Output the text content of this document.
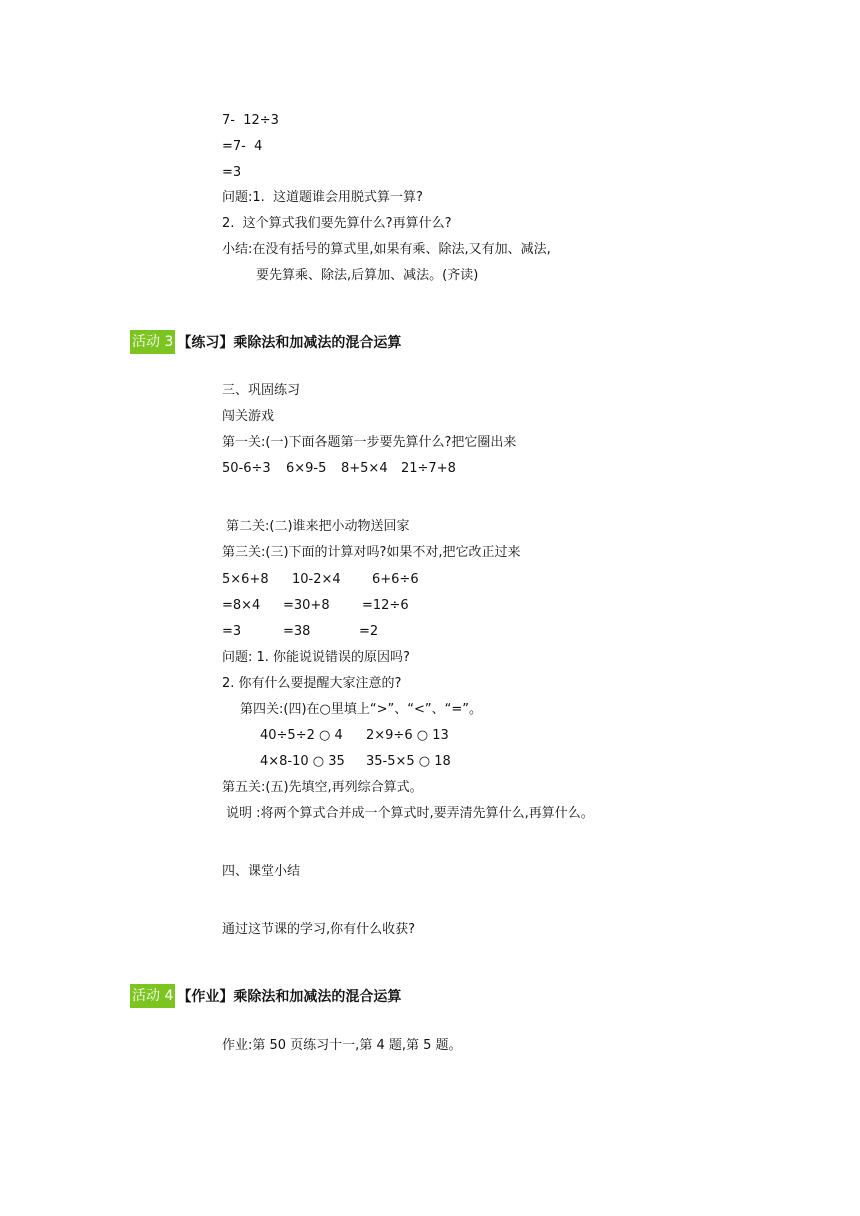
7-  12÷3
=7-  4
=3
问题:1.  这道题谁会用脱式算一算?
2.  这个算式我们要先算什么?再算什么?
小结:在没有括号的算式里,如果有乘、除法,又有加、减法,
要先算乘、除法,后算加、减法。(齐读)
活动 3 【练习】乘除法和加减法的混合运算
三、巩固练习
闯关游戏
第一关:(一)下面各题第一步要先算什么?把它圈出来
50-6÷3 6×9-5 8+5×4 21÷7+8
第二关:(二)谁来把小动物送回家
第三关:(三)下面的计算对吗?如果不对,把它改正过来
5×6+8 10-2×4 6+6÷6
=8×4 =30+8 =12÷6
=3	=38	=2
问题: 1. 你能说说错误的原因吗?
2. 你有什么要提醒大家注意的?
第四关:(四)在○里填上“>”、“<”、“=”。
40÷5÷2 ○ 4 2×9÷6 ○ 13
4×8-10 ○ 35 35-5×5 ○ 18
第五关:(五)先填空,再列综合算式。
说明 :将两个算式合并成一个算式时,要弄清先算什么,再算什么。
四、课堂小结
通过这节课的学习,你有什么收获?
活动 4 【作业】乘除法和加减法的混合运算
作业:第 50 页练习十一,第 4 题,第 5 题。
